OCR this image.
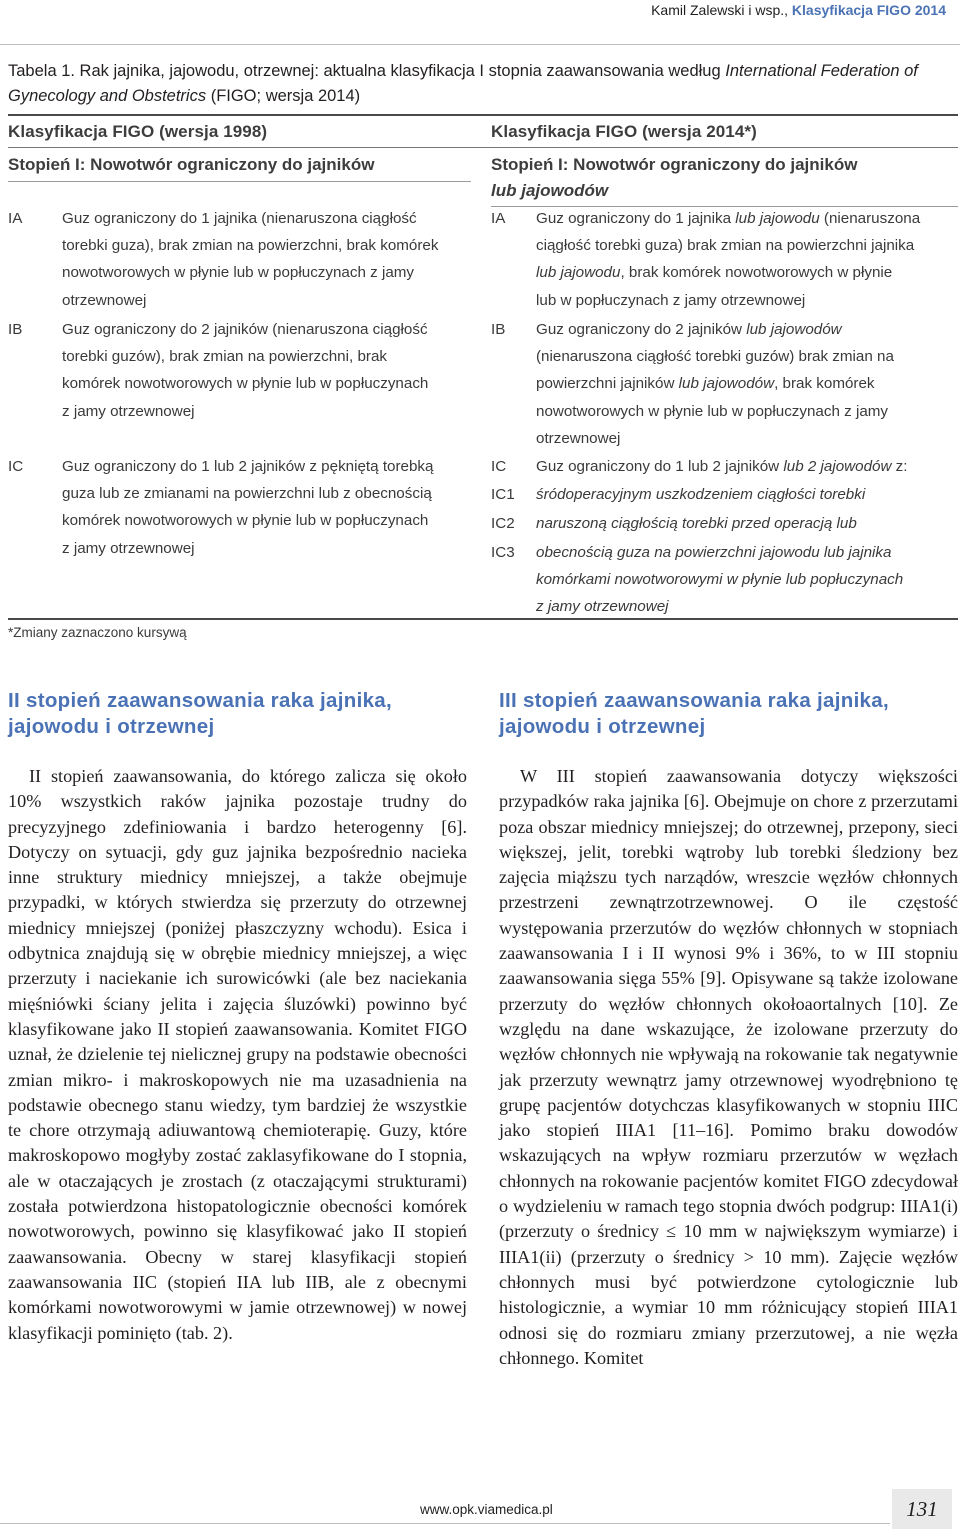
Kamil Zalewski i wsp., Klasyfikacja FIGO 2014
Tabela 1. Rak jajnika, jajowodu, otrzewnej: aktualna klasyfikacja I stopnia zaawansowania według International Federation of Gynecology and Obstetrics (FIGO; wersja 2014)
Klasyfikacja FIGO (wersja 1998)	Klasyfikacja FIGO (wersja 2014*)
Stopień I: Nowotwór ograniczony do jajników	Stopień I: Nowotwór ograniczony do jajników
lub jajowodów
IA	Guz ograniczony do 1 jajnika (nienaruszona ciągłość
torebki guza), brak zmian na powierzchni, brak komórek
nowotworowych w płynie lub w popłuczynach z jamy
otrzewnowej
IB	Guz ograniczony do 2 jajników (nienaruszona ciągłość
torebki guzów), brak zmian na powierzchni, brak
komórek nowotworowych w płynie lub w popłuczynach
z jamy otrzewnowej
IC	Guz ograniczony do 1 lub 2 jajników z pękniętą torebką
guza lub ze zmianami na powierzchni lub z obecnością
komórek nowotworowych w płynie lub w popłuczynach
z jamy otrzewnowej
IA Guz ograniczony do 1 jajnika lub jajowodu (nienaruszona
ciągłość torebki guza) brak zmian na powierzchni jajnika
lub jajowodu, brak komórek nowotworowych w płynie
lub w popłuczynach z jamy otrzewnowej
IB Guz ograniczony do 2 jajników lub jajowodów
(nienaruszona ciągłość torebki guzów) brak zmian na
powierzchni jajników lub jajowodów, brak komórek
nowotworowych w płynie lub w popłuczynach z jamy
otrzewnowej
IC Guz ograniczony do 1 lub 2 jajników lub 2 jajowodów z:
IC1 śródoperacyjnym uszkodzeniem ciągłości torebki
IC2 naruszoną ciągłością torebki przed operacją lub
IC3 obecnością guza na powierzchni jajowodu lub jajnika
komórkami nowotworowymi w płynie lub popłuczynach
z jamy otrzewnowej
*Zmiany zaznaczono kursywą
II stopień zaawansowania raka jajnika,
jajowodu i otrzewnej
III stopień zaawansowania raka jajnika,
jajowodu i otrzewnej

II stopień zaawansowania, do którego zalicza się około 10% wszystkich raków jajnika pozostaje trudny do precyzyjnego zdefiniowania i bardzo heterogenny [6]. Dotyczy on sytuacji, gdy guz jajnika bezpośrednio nacieka inne struktury miednicy mniejszej, a także obejmuje przypadki, w których stwierdza się przerzuty do otrzewnej miednicy mniejszej (poniżej płaszczyzny wchodu). Esica i odbytnica znajdują się w obrębie miednicy mniejszej, a więc przerzuty i naciekanie ich surowicówki (ale bez naciekania mięśniówki ściany jelita i zajęcia śluzówki) powinno być klasyfikowane jako II stopień zaawansowania. Komitet FIGO uznał, że dzielenie tej nielicznej grupy na podstawie obecności zmian mikro- i makroskopowych nie ma uzasadnienia na podstawie obecnego stanu wiedzy, tym bardziej że wszystkie te chore otrzymają adiuwantową chemioterapię. Guzy, które makroskopowo mogłyby zostać zaklasyfikowane do I stopnia, ale w otaczających je zrostach (z otaczającymi strukturami) została potwierdzona histopatologicznie obecności komórek nowotworowych, powinno się klasyfikować jako II stopień zaawansowania. Obecny w starej klasyfikacji stopień zaawansowania IIC (stopień IIA lub IIB, ale z obecnymi komórkami nowotworowymi w jamie otrzewnowej) w nowej klasyfikacji pominięto (tab. 2).

W III stopień zaawansowania dotyczy większości przypadków raka jajnika [6]. Obejmuje on chore z przerzutami poza obszar miednicy mniejszej; do otrzewnej, przepony, sieci większej, jelit, torebki wątroby lub torebki śledziony bez zajęcia miąższu tych narządów, wreszcie węzłów chłonnych przestrzeni zewnątrzotrzewnowej. O ile częstość występowania przerzutów do węzłów chłonnych w stopniach zaawansowania I i II wynosi 9% i 36%, to w III stopniu zaawansowania sięga 55% [9]. Opisywane są także izolowane przerzuty do węzłów chłonnych okołoaortalnych [10]. Ze względu na dane wskazujące, że izolowane przerzuty do węzłów chłonnych nie wpływają na rokowanie tak negatywnie jak przerzuty wewnątrz jamy otrzewnowej wyodrębniono tę grupę pacjentów dotychczas klasyfikowanych w stopniu IIIC jako stopień IIIA1 [11–16]. Pomimo braku dowodów wskazujących na wpływ rozmiaru przerzutów w węzłach chłonnych na rokowanie pacjentów komitet FIGO zdecydował o wydzieleniu w ramach tego stopnia dwóch podgrup: IIIA1(i) (przerzuty o średnicy ≤ 10 mm w największym wymiarze) i IIIA1(ii) (przerzuty o średnicy > 10 mm). Zajęcie węzłów chłonnych musi być potwierdzone cytologicznie lub histologicznie, a wymiar 10 mm różnicujący stopień IIIA1 odnosi się do rozmiaru zmiany przerzutowej, a nie węzła chłonnego. Komitet

www.opk.viamedica.pl	131
